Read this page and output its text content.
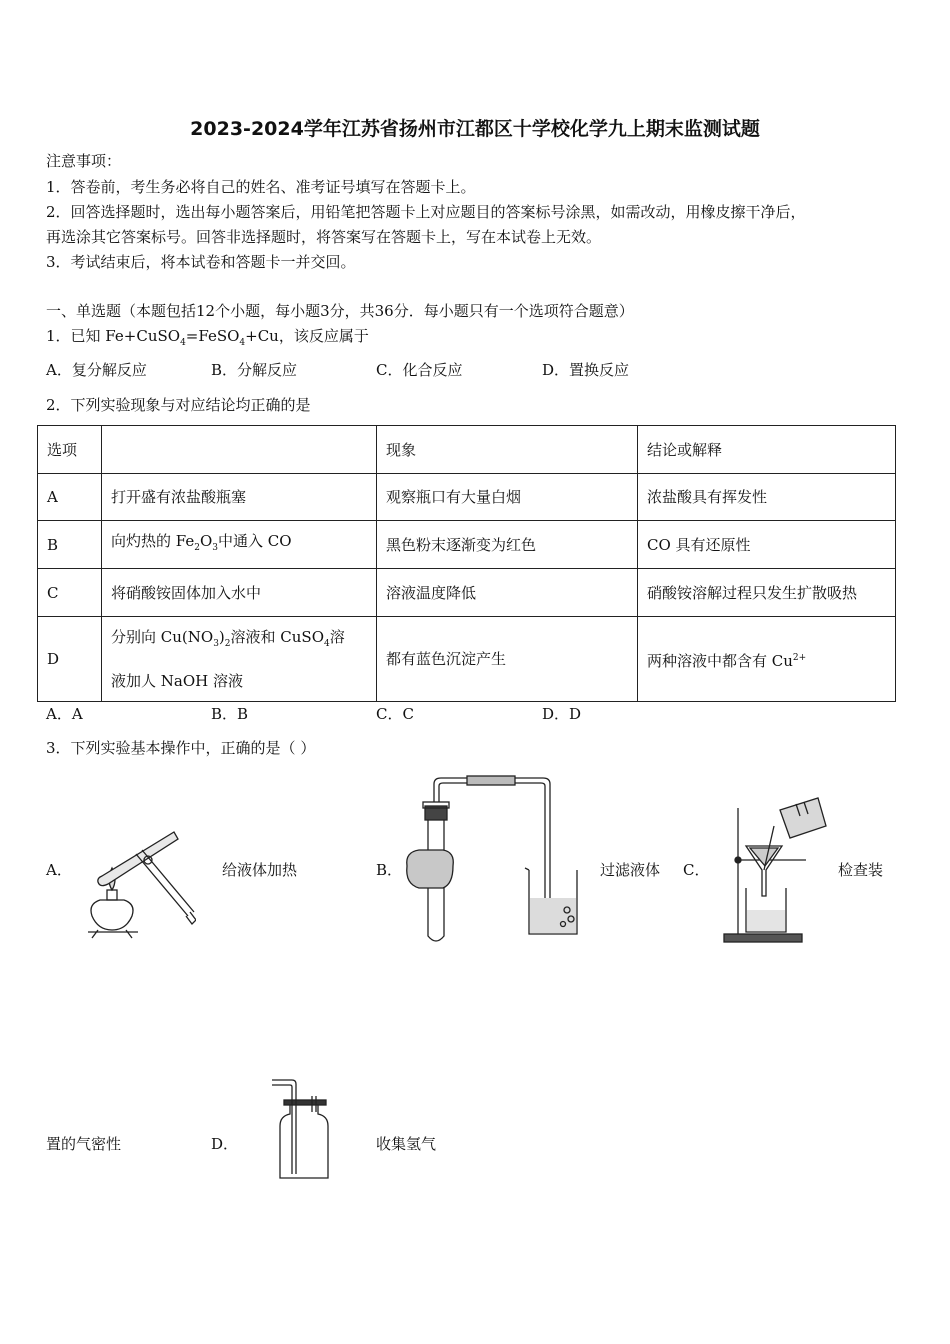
2023-2024学年江苏省扬州市江都区十学校化学九上期末监测试题
注意事项：
1．答卷前，考生务必将自己的姓名、准考证号填写在答题卡上。
2．回答选择题时，选出每小题答案后，用铅笔把答题卡上对应题目的答案标号涂黑，如需改动，用橡皮擦干净后，
再选涂其它答案标号。回答非选择题时，将答案写在答题卡上，写在本试卷上无效。
3．考试结束后，将本试卷和答题卡一并交回。
一、单选题（本题包括12个小题，每小题3分，共36分．每小题只有一个选项符合题意）
1．已知 Fe+CuSO$_4$=FeSO$_4$+Cu，该反应属于
A．复分解反应	B．分解反应	C．化合反应	D．置换反应
2．下列实验现象与对应结论均正确的是
选项		现象	结论或解释
A	打开盛有浓盐酸瓶塞	观察瓶口有大量白烟	浓盐酸具有挥发性
B	向灼热的 $Fe_2O_3$中通入 CO	黑色粉末逐渐变为红色	CO 具有还原性
C	将硝酸铵固体加入水中	溶液温度降低	硝酸铵溶解过程只发生扩散吸热
D	分别向 $Cu(NO_3)_2$溶液和 CuSO$_4$溶
液加人 NaOH 溶液	都有蓝色沉淀产生	两种溶液中都含有 $Cu^{2+}$
A．A	B．B	C．C	D．D
3．下列实验基本操作中，正确的是（ ）
A．	给液体加热	B．	过滤液体 C．	检查装
置的气密性	D．	收集氢气
